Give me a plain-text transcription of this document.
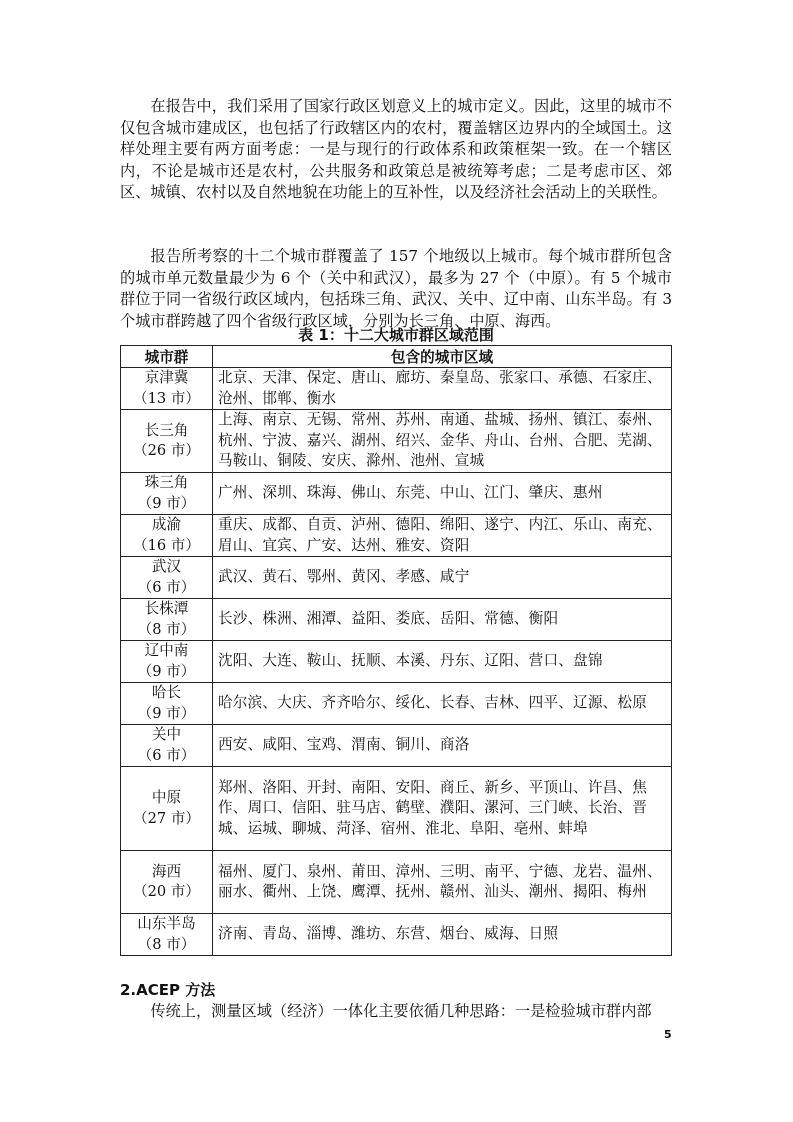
在报告中，我们采用了国家行政区划意义上的城市定义。因此，这里的城市不仅包含城市建成区，也包括了行政辖区内的农村，覆盖辖区边界内的全域国土。这样处理主要有两方面考虑：一是与现行的行政体系和政策框架一致。在一个辖区内，不论是城市还是农村，公共服务和政策总是被统筹考虑；二是考虑市区、郊区、城镇、农村以及自然地貌在功能上的互补性，以及经济社会活动上的关联性。

报告所考察的十二个城市群覆盖了 157 个地级以上城市。每个城市群所包含的城市单元数量最少为 6 个（关中和武汉），最多为 27 个（中原）。有 5 个城市群位于同一省级行政区域内，包括珠三角、武汉、关中、辽中南、山东半岛。有 3 个城市群跨越了四个省级行政区域，分别为长三角、中原、海西。

表 1：十二大城市群区域范围
城市群	包含的城市区域
京津冀
（13 市）	北京、天津、保定、唐山、廊坊、秦皇岛、张家口、承德、石家庄、沧州、邯郸、衡水
长三角
（26 市）	上海、南京、无锡、常州、苏州、南通、盐城、扬州、镇江、泰州、杭州、宁波、嘉兴、湖州、绍兴、金华、舟山、台州、合肥、芜湖、马鞍山、铜陵、安庆、滁州、池州、宣城
珠三角
（9 市）	广州、深圳、珠海、佛山、东莞、中山、江门、肇庆、惠州
成渝
（16 市）	重庆、成都、自贡、泸州、德阳、绵阳、遂宁、内江、乐山、南充、眉山、宜宾、广安、达州、雅安、资阳
武汉
（6 市）	武汉、黄石、鄂州、黄冈、孝感、咸宁
长株潭
（8 市）	长沙、株洲、湘潭、益阳、娄底、岳阳、常德、衡阳
辽中南
（9 市）	沈阳、大连、鞍山、抚顺、本溪、丹东、辽阳、营口、盘锦
哈长
（9 市）	哈尔滨、大庆、齐齐哈尔、绥化、长春、吉林、四平、辽源、松原
关中
（6 市）	西安、咸阳、宝鸡、渭南、铜川、商洛
中原
（27 市）	郑州、洛阳、开封、南阳、安阳、商丘、新乡、平顶山、许昌、焦作、周口、信阳、驻马店、鹤壁、濮阳、漯河、三门峡、长治、晋城、运城、聊城、菏泽、宿州、淮北、阜阳、亳州、蚌埠
海西
（20 市）	福州、厦门、泉州、莆田、漳州、三明、南平、宁德、龙岩、温州、丽水、衢州、上饶、鹰潭、抚州、赣州、汕头、潮州、揭阳、梅州
山东半岛
（8 市）	济南、青岛、淄博、潍坊、东营、烟台、威海、日照
2.ACEP 方法

传统上，测量区域（经济）一体化主要依循几种思路：一是检验城市群内部

5
